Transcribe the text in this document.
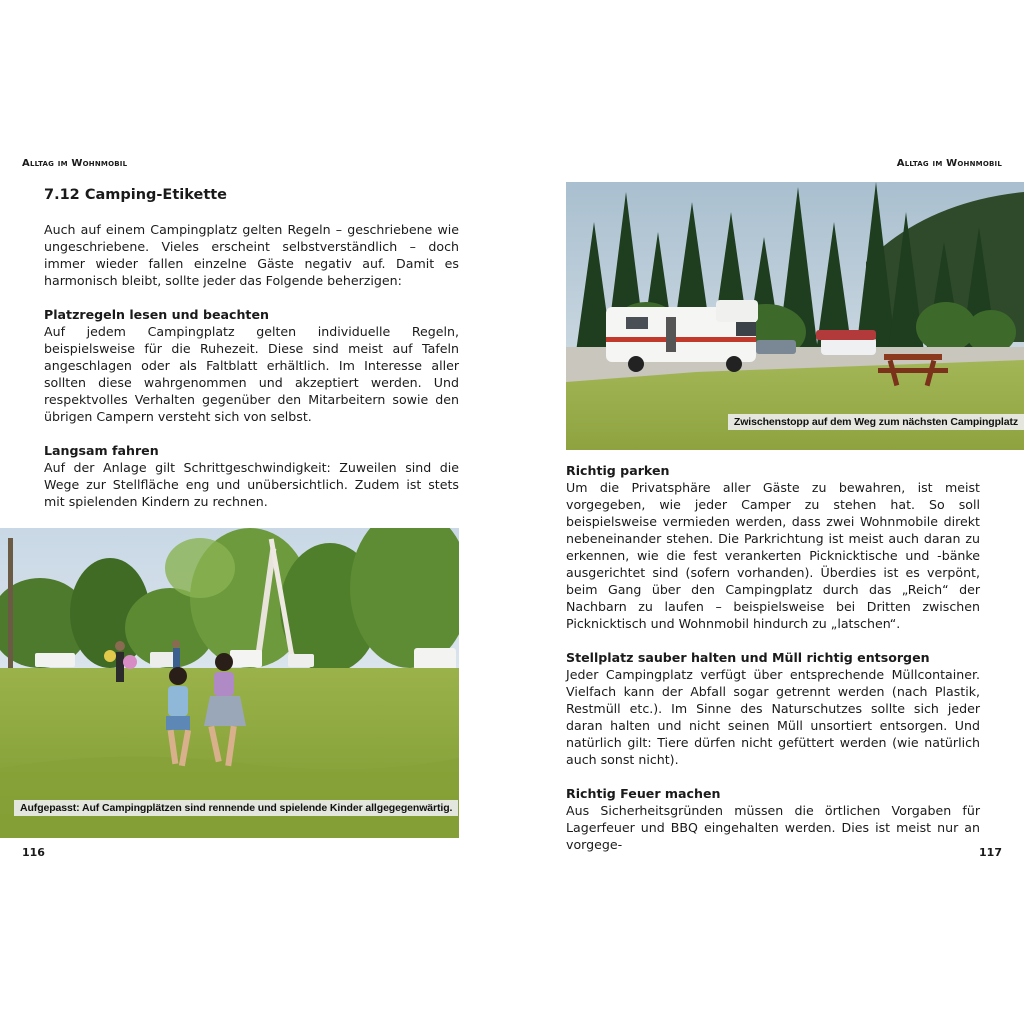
Alltag im Wohnmobil	Alltag im Wohnmobil
7.12 Camping-Etikette

Auch auf einem Campingplatz gelten Regeln – geschriebene wie ungeschriebene. Vieles erscheint selbstverständlich – doch immer wieder fallen einzelne Gäste negativ auf. Damit es harmonisch bleibt, sollte jeder das Folgende beherzigen:

Platzregeln lesen und beachten

Auf jedem Campingplatz gelten individuelle Regeln, beispielsweise für die Ruhezeit. Diese sind meist auf Tafeln angeschlagen oder als Faltblatt erhältlich. Im Interesse aller sollten diese wahrgenommen und akzeptiert werden. Und respektvolles Verhalten gegenüber den Mitarbeitern sowie den übrigen Campern versteht sich von selbst.

Langsam fahren

Auf der Anlage gilt Schrittgeschwindigkeit: Zuweilen sind die Wege zur Stellfläche eng und unübersichtlich. Zudem ist stets mit spielenden Kindern zu rechnen.

Aufgepasst: Auf Campingplätzen sind rennende und spielende Kinder allgegegenwärtig.
Zwischenstopp auf dem Weg zum nächsten Campingplatz
Richtig parken

Um die Privatsphäre aller Gäste zu bewahren, ist meist vorgegeben, wie jeder Camper zu stehen hat. So soll beispielsweise vermieden werden, dass zwei Wohnmobile direkt nebeneinander stehen. Die Parkrichtung ist meist auch daran zu erkennen, wie die fest verankerten Picknicktische und -bänke ausgerichtet sind (sofern vorhanden). Überdies ist es verpönt, beim Gang über den Campingplatz durch das „Reich“ der Nachbarn zu laufen – beispielsweise bei Dritten zwischen Picknicktisch und Wohnmobil hindurch zu „latschen“.

Stellplatz sauber halten und Müll richtig entsorgen

Jeder Campingplatz verfügt über entsprechende Müllcontainer. Vielfach kann der Abfall sogar getrennt werden (nach Plastik, Restmüll etc.). Im Sinne des Naturschutzes sollte sich jeder daran halten und nicht seinen Müll unsortiert entsorgen. Und natürlich gilt: Tiere dürfen nicht gefüttert werden (wie natürlich auch sonst nicht).

Richtig Feuer machen

Aus Sicherheitsgründen müssen die örtlichen Vorgaben für Lagerfeuer und BBQ eingehalten werden. Dies ist meist nur an vorgege-

116	117
